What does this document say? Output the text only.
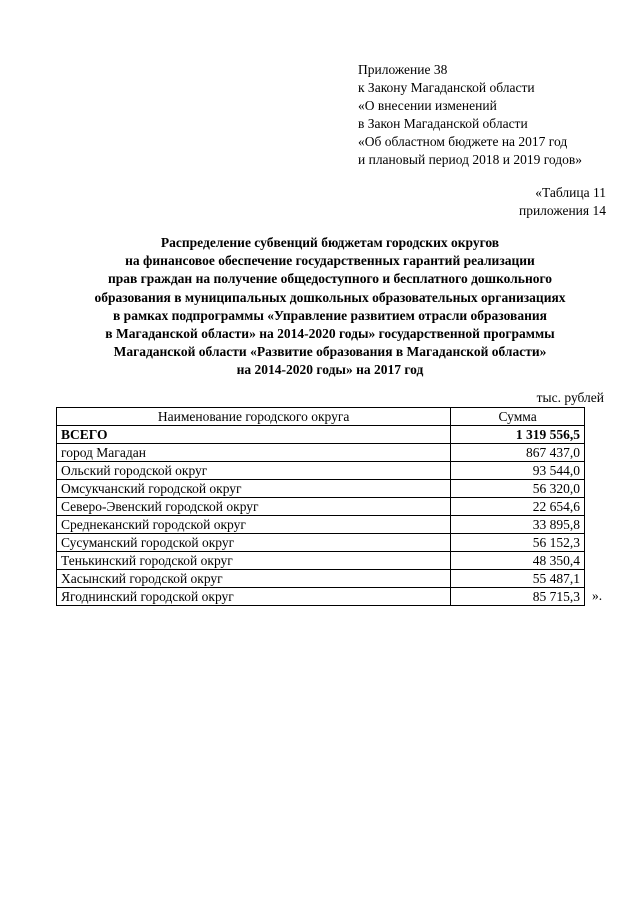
Приложение 38
к Закону Магаданской области
«О внесении изменений
в Закон Магаданской области
«Об областном бюджете на 2017 год
и плановый период 2018 и 2019 годов»
«Таблица 11
приложения 14
Распределение субвенций бюджетам городских округов
на финансовое обеспечение государственных гарантий реализации
прав граждан на получение общедоступного и бесплатного дошкольного
образования в муниципальных дошкольных образовательных организациях
в рамках подпрограммы «Управление развитием отрасли образования
в Магаданской области» на 2014-2020 годы» государственной программы
Магаданской области «Развитие образования в Магаданской области»
на 2014-2020 годы» на 2017 год
тыс. рублей
Наименование городского округа	Сумма
ВСЕГО	1 319 556,5
город Магадан	867 437,0
Ольский городской округ	93 544,0
Омсукчанский городской округ	56 320,0
Северо-Эвенский городской округ	22 654,6
Среднеканский городской округ	33 895,8
Сусуманский городской округ	56 152,3
Тенькинский городской округ	48 350,4
Хасынский городской округ	55 487,1
Ягоднинский городской округ	85 715,3 ».
